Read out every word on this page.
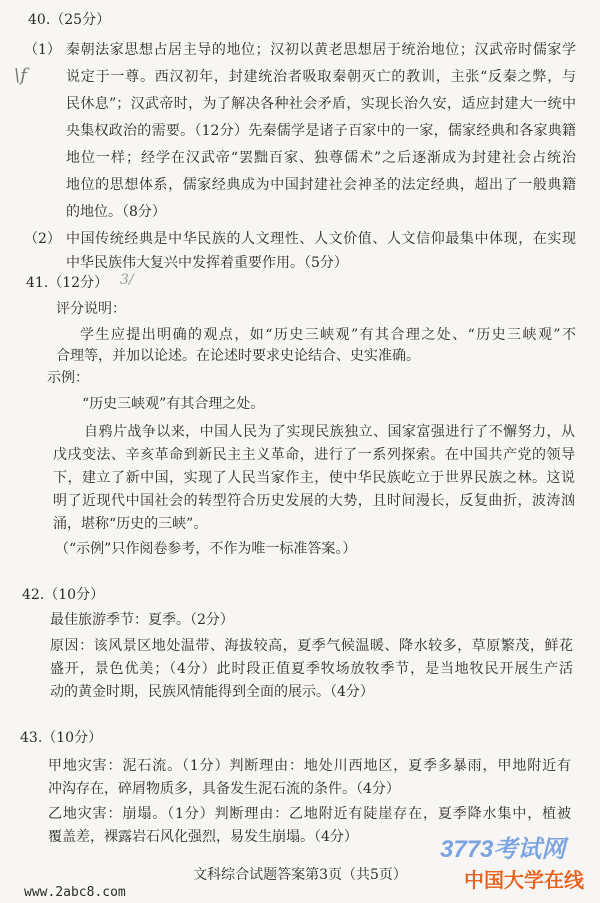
\f
40.（25分）
（1） 秦朝法家思想占居主导的地位；汉初以黄老思想居于统治地位；汉武帝时儒家学
说定于一尊。西汉初年，封建统治者吸取秦朝灭亡的教训，主张“反秦之弊，与
民休息”；汉武帝时，为了解决各种社会矛盾，实现长治久安，适应封建大一统中
央集权政治的需要。（12分）先秦儒学是诸子百家中的一家，儒家经典和各家典籍
地位一样；经学在汉武帝“罢黜百家、独尊儒术”之后逐渐成为封建社会占统治
地位的思想体系，儒家经典成为中国封建社会神圣的法定经典，超出了一般典籍
的地位。（8分）
（2） 中国传统经典是中华民族的人文理性、人文价值、人文信仰最集中体现，在实现
中华民族伟大复兴中发挥着重要作用。（5分）
41.（12分） 3/
评分说明：
学生应提出明确的观点，如“历史三峡观”有其合理之处、“历史三峡观”不
合理等，并加以论述。在论述时要求史论结合、史实准确。
示例：
“历史三峡观”有其合理之处。
自鸦片战争以来，中国人民为了实现民族独立、国家富强进行了不懈努力，从
戊戌变法、辛亥革命到新民主主义革命，进行了一系列探索。在中国共产党的领导
下，建立了新中国，实现了人民当家作主，使中华民族屹立于世界民族之林。这说
明了近现代中国社会的转型符合历史发展的大势，且时间漫长，反复曲折，波涛汹
涌，堪称“历史的三峡”。
（“示例”只作阅卷参考，不作为唯一标准答案。）
42.（10分）
最佳旅游季节：夏季。（2分）
原因：该风景区地处温带、海拔较高，夏季气候温暖、降水较多，草原繁茂，鲜花
盛开，景色优美；（4分）此时段正值夏季牧场放牧季节，是当地牧民开展生产活
动的黄金时期，民族风情能得到全面的展示。（4分）
43.（10分）
甲地灾害：泥石流。（1分）判断理由：地处川西地区，夏季多暴雨，甲地附近有
冲沟存在，碎屑物质多，具备发生泥石流的条件。（4分）
乙地灾害：崩塌。（1分）判断理由：乙地附近有陡崖存在，夏季降水集中，植被
覆盖差，裸露岩石风化强烈，易发生崩塌。（4分）
文科综合试题答案第3页（共5页）
www.2abc8.com
3773考试网
中国大学在线
